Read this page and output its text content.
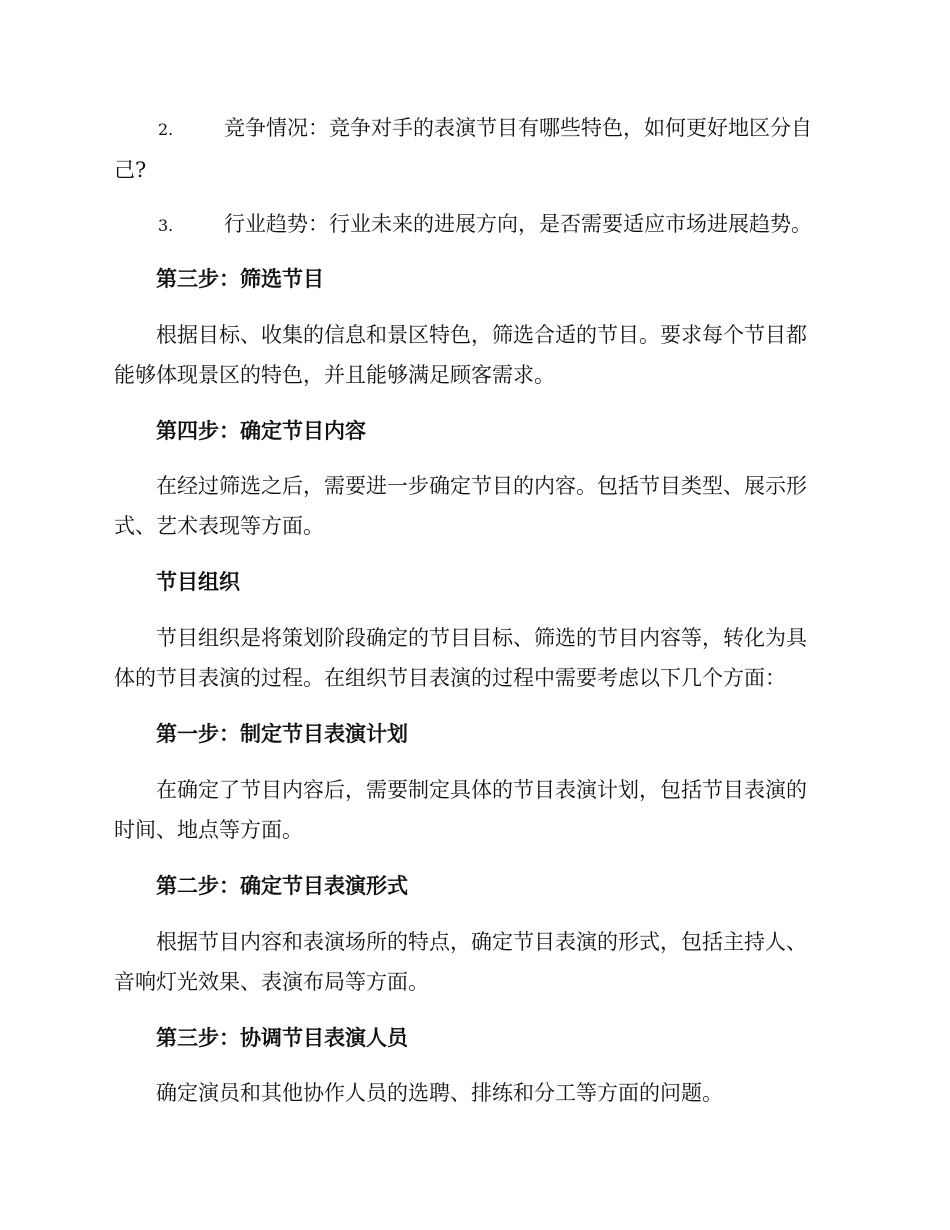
2. 竞争情况：竞争对手的表演节目有哪些特色，如何更好地区分自
己?

3. 行业趋势：行业未来的进展方向，是否需要适应市场进展趋势。

第三步：筛选节目

根据目标、收集的信息和景区特色，筛选合适的节目。要求每个节目都
能够体现景区的特色，并且能够满足顾客需求。

第四步：确定节目内容

在经过筛选之后，需要进一步确定节目的内容。包括节目类型、展示形
式、艺术表现等方面。

节目组织

节目组织是将策划阶段确定的节目目标、筛选的节目内容等，转化为具
体的节目表演的过程。在组织节目表演的过程中需要考虑以下几个方面：

第一步：制定节目表演计划

在确定了节目内容后，需要制定具体的节目表演计划，包括节目表演的
时间、地点等方面。

第二步：确定节目表演形式

根据节目内容和表演场所的特点，确定节目表演的形式，包括主持人、
音响灯光效果、表演布局等方面。

第三步：协调节目表演人员

确定演员和其他协作人员的选聘、排练和分工等方面的问题。
